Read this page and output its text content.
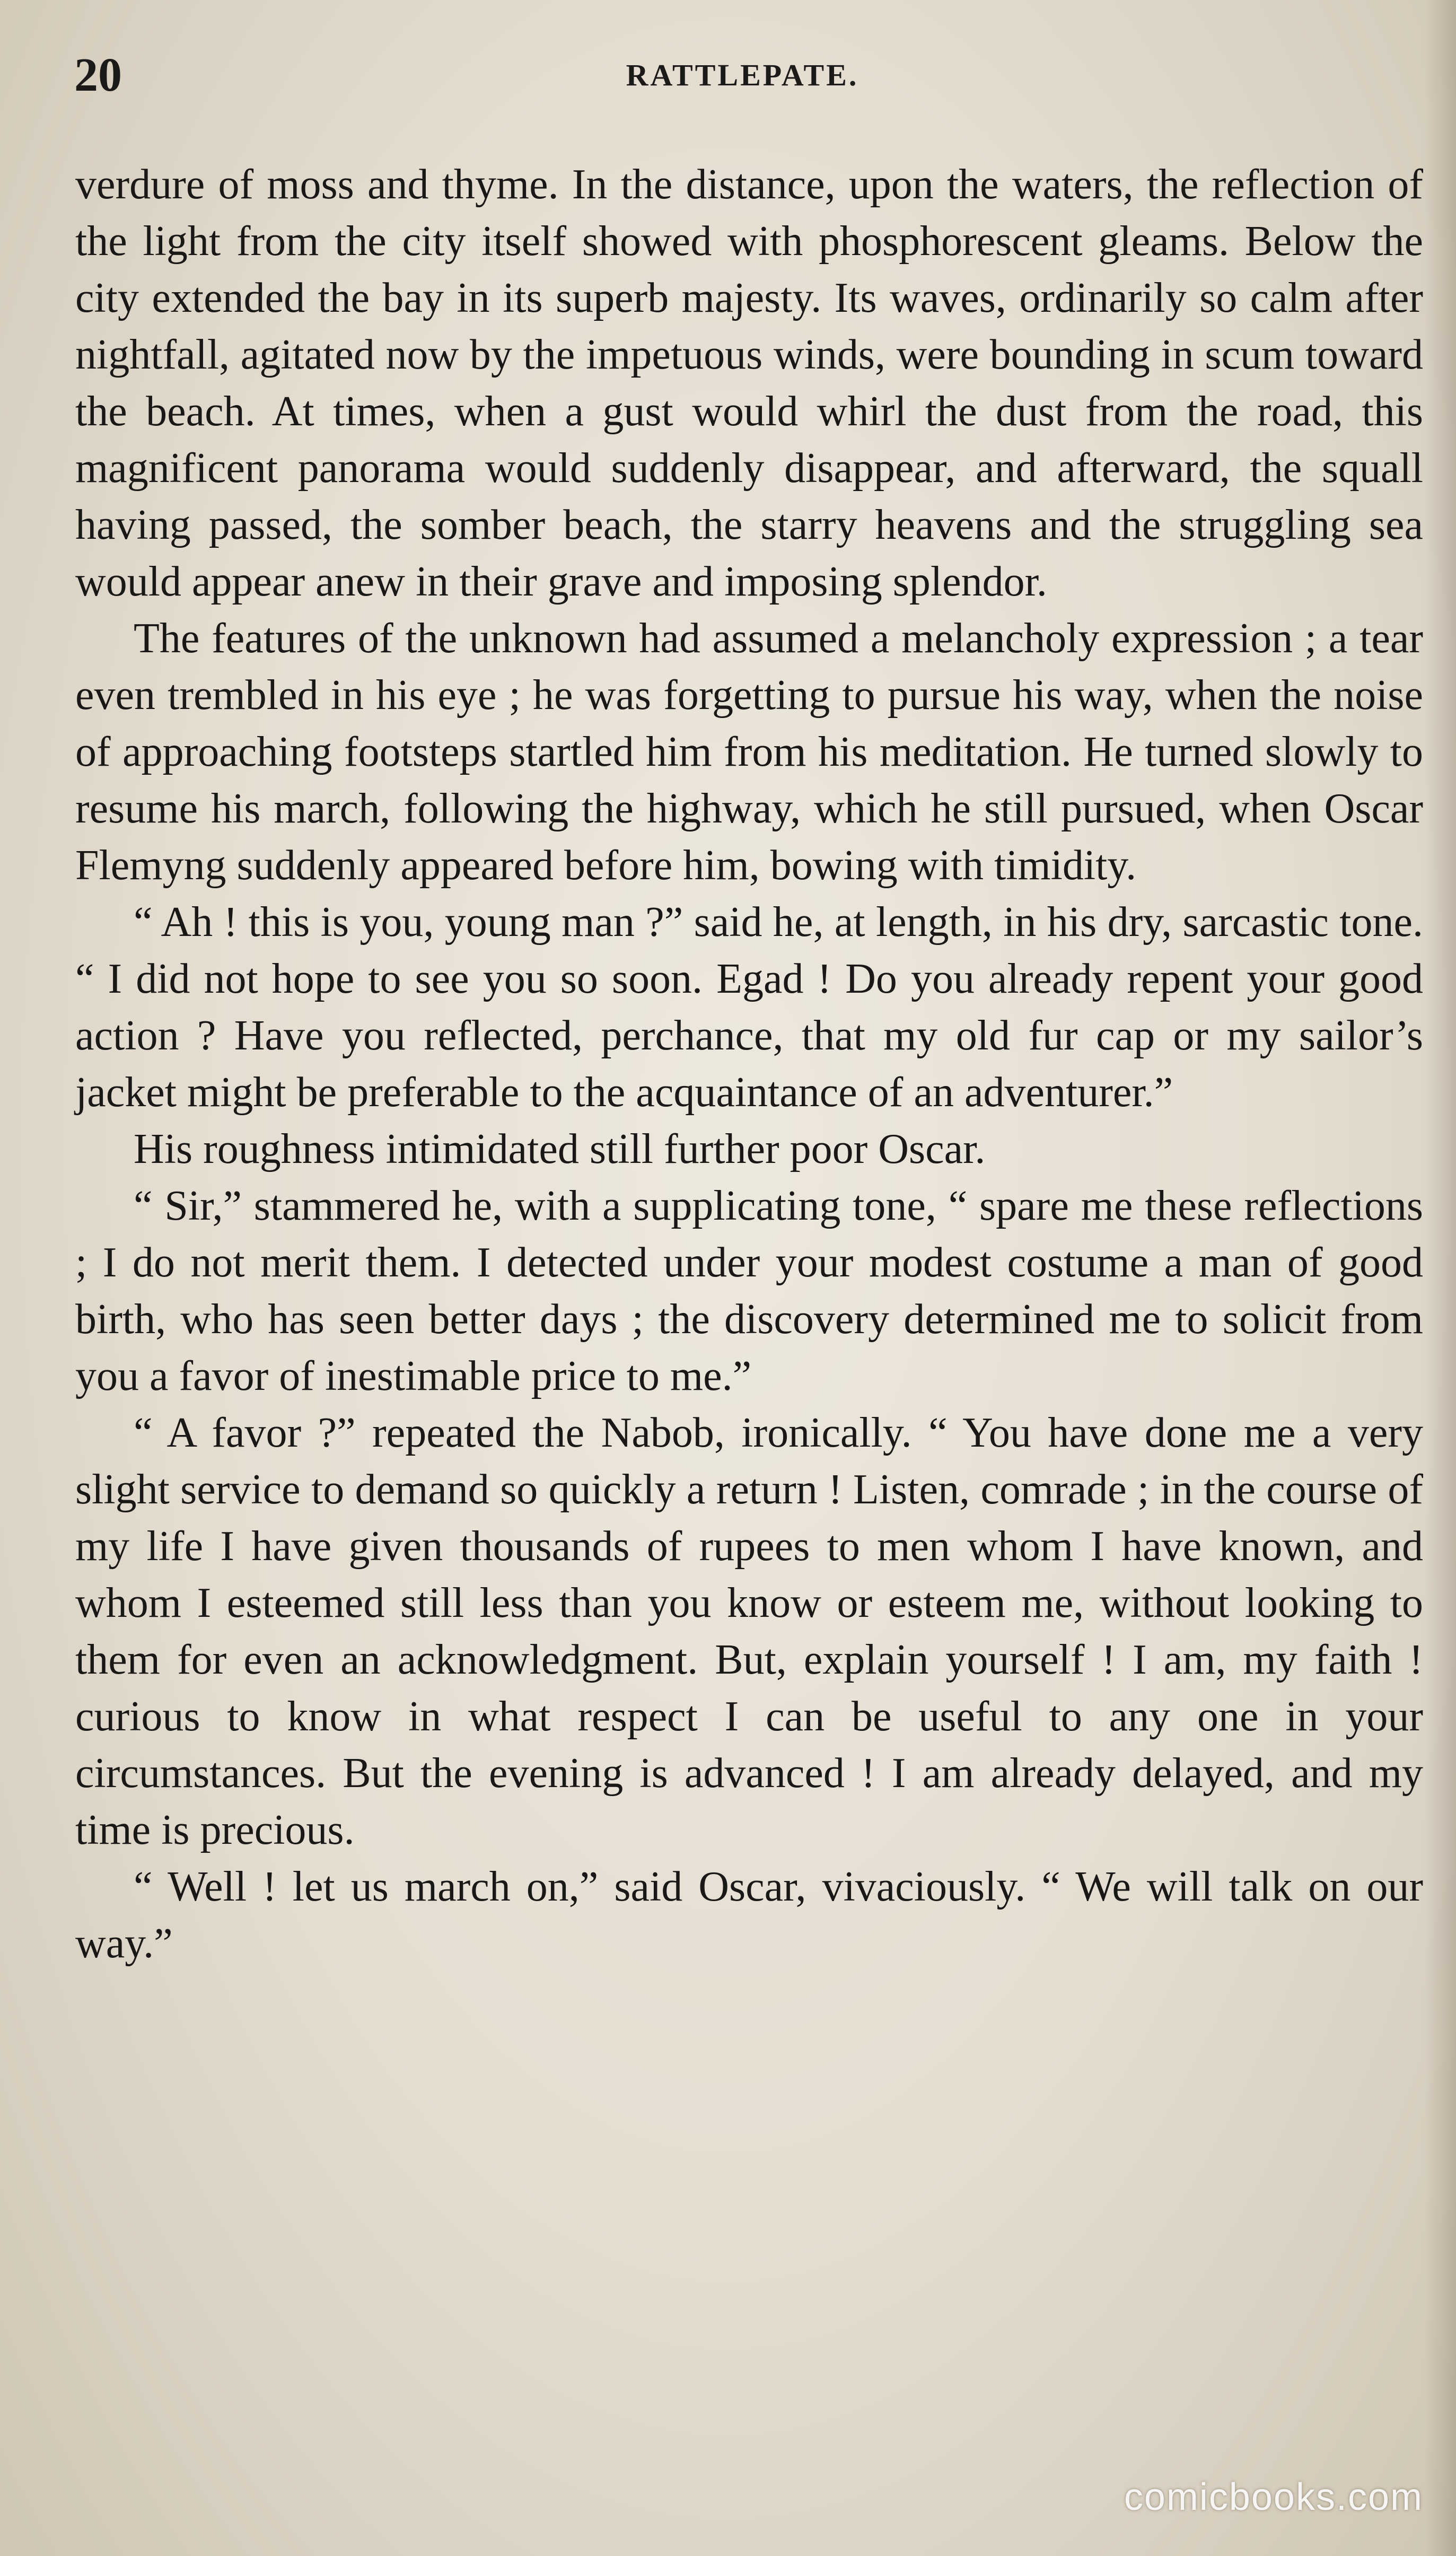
20	RATTLEPATE.

verdure of moss and thyme. In the distance, upon the waters, the reflection of the light from the city itself showed with phosphorescent gleams. Below the city extended the bay in its superb majesty. Its waves, ordinarily so calm after nightfall, agitated now by the impetuous winds, were bounding in scum toward the beach. At times, when a gust would whirl the dust from the road, this magnificent panorama would suddenly disappear, and afterward, the squall having passed, the somber beach, the starry heavens and the struggling sea would appear anew in their grave and imposing splendor.

The features of the unknown had assumed a melancholy expression ; a tear even trembled in his eye ; he was forgetting to pursue his way, when the noise of approaching footsteps startled him from his meditation. He turned slowly to resume his march, following the highway, which he still pursued, when Oscar Flemyng suddenly appeared before him, bowing with timidity.

“ Ah ! this is you, young man ?” said he, at length, in his dry, sarcastic tone. “ I did not hope to see you so soon. Egad ! Do you already repent your good action ? Have you reflected, perchance, that my old fur cap or my sailor’s jacket might be preferable to the acquaintance of an adventurer.”

His roughness intimidated still further poor Oscar.

“ Sir,” stammered he, with a supplicating tone, “ spare me these reflections ; I do not merit them. I detected under your modest costume a man of good birth, who has seen better days ; the discovery determined me to solicit from you a favor of inestimable price to me.”

“ A favor ?” repeated the Nabob, ironically. “ You have done me a very slight service to demand so quickly a return ! Listen, comrade ; in the course of my life I have given thousands of rupees to men whom I have known, and whom I esteemed still less than you know or esteem me, without looking to them for even an acknowledgment. But, explain yourself ! I am, my faith ! curious to know in what respect I can be useful to any one in your circumstances. But the evening is advanced ! I am already delayed, and my time is precious.

“ Well ! let us march on,” said Oscar, vivaciously. “ We will talk on our way.”

comicbooks.com
